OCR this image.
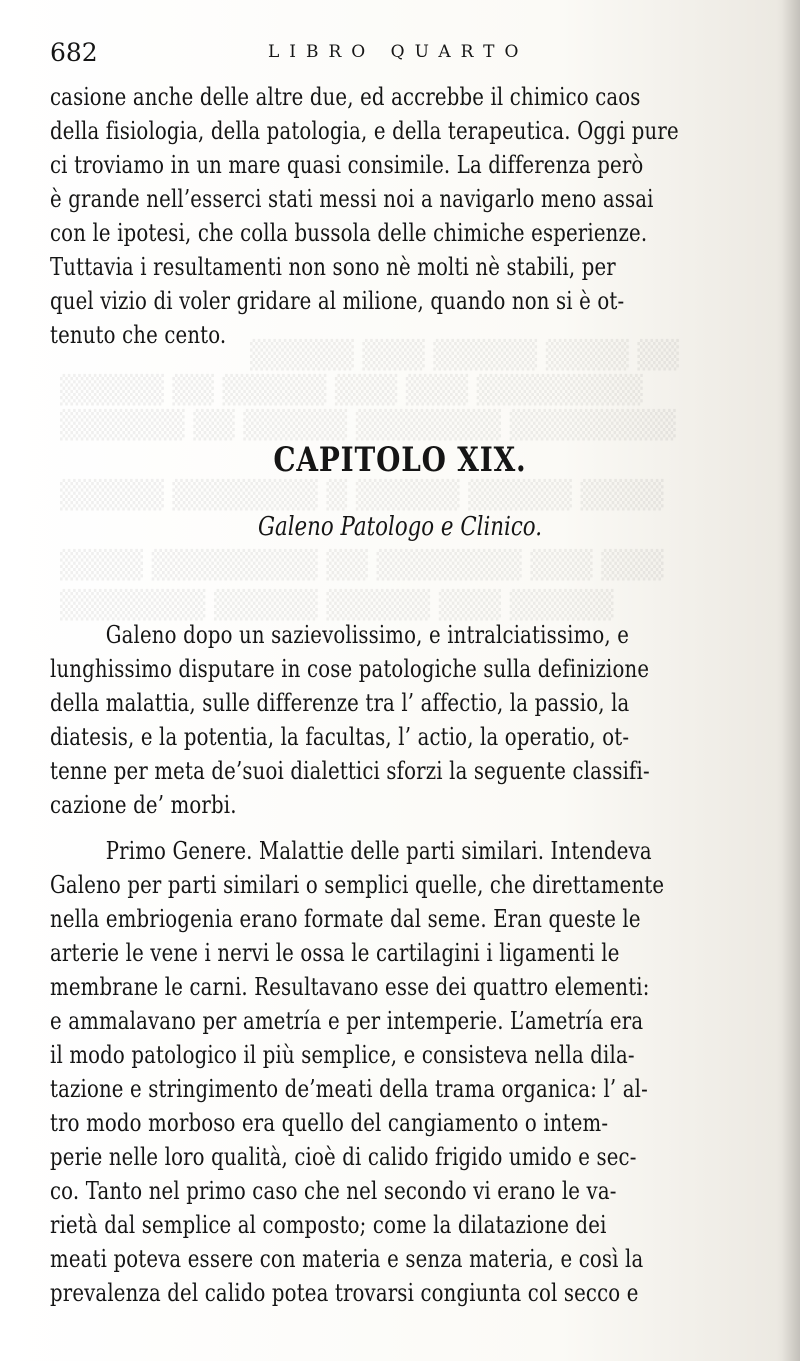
​▒▒ ▒▒▒▒ ▒▒▒▒▒ ▒▒▒ ▒▒▒▒▒
​▒▒▒▒▒▒▒▒ ▒▒▒ ▒▒▒ ▒▒▒▒▒ ▒▒ ▒▒▒▒▒
​▒▒▒▒▒▒▒▒ ▒▒▒▒▒▒▒ ▒▒▒▒▒ ▒▒ ▒▒▒▒▒▒
​▒▒▒▒ ▒▒▒▒▒ ▒▒▒▒▒ ▒ ▒▒▒▒▒▒▒ ▒▒▒▒▒
​▒▒▒ ▒▒▒ ▒▒▒▒▒▒▒ ▒▒ ▒▒▒▒▒▒▒▒ ▒▒▒▒
​▒▒▒▒▒ ▒▒▒ ▒▒▒▒▒ ▒▒▒▒▒ ▒▒▒▒▒▒▒
682	LIBRO QUARTO
casione anche delle altre due, ed accrebbe il chimico caos
della fisiologia, della patologia, e della terapeutica. Oggi pure
ci troviamo in un mare quasi consimile. La differenza però
è grande nell’esserci stati messi noi a navigarlo meno assai
con le ipotesi, che colla bussola delle chimiche esperienze.
Tuttavia i resultamenti non sono nè molti nè stabili, per
quel vizio di voler gridare al milione, quando non si è ot-
tenuto che cento.
CAPITOLO XIX.
Galeno Patologo e Clinico.
Galeno dopo un sazievolissimo, e intralciatissimo, e
lunghissimo disputare in cose patologiche sulla definizione
della malattia, sulle differenze tra l’ affectio, la passio, la
diatesis, e la potentia, la facultas, l’ actio, la operatio, ot-
tenne per meta de’suoi dialettici sforzi la seguente classifi-
cazione de’ morbi.
Primo Genere. Malattie delle parti similari. Intendeva
Galeno per parti similari o semplici quelle, che direttamente
nella embriogenia erano formate dal seme. Eran queste le
arterie le vene i nervi le ossa le cartilagini i ligamenti le
membrane le carni. Resultavano esse dei quattro elementi:
e ammalavano per ametría e per intemperie. L’ametría era
il modo patologico il più semplice, e consisteva nella dila-
tazione e stringimento de’meati della trama organica: l’ al-
tro modo morboso era quello del cangiamento o intem-
perie nelle loro qualità, cioè di calido frigido umido e sec-
co. Tanto nel primo caso che nel secondo vi erano le va-
rietà dal semplice al composto; come la dilatazione dei
meati poteva essere con materia e senza materia, e così la
prevalenza del calido potea trovarsi congiunta col secco e
